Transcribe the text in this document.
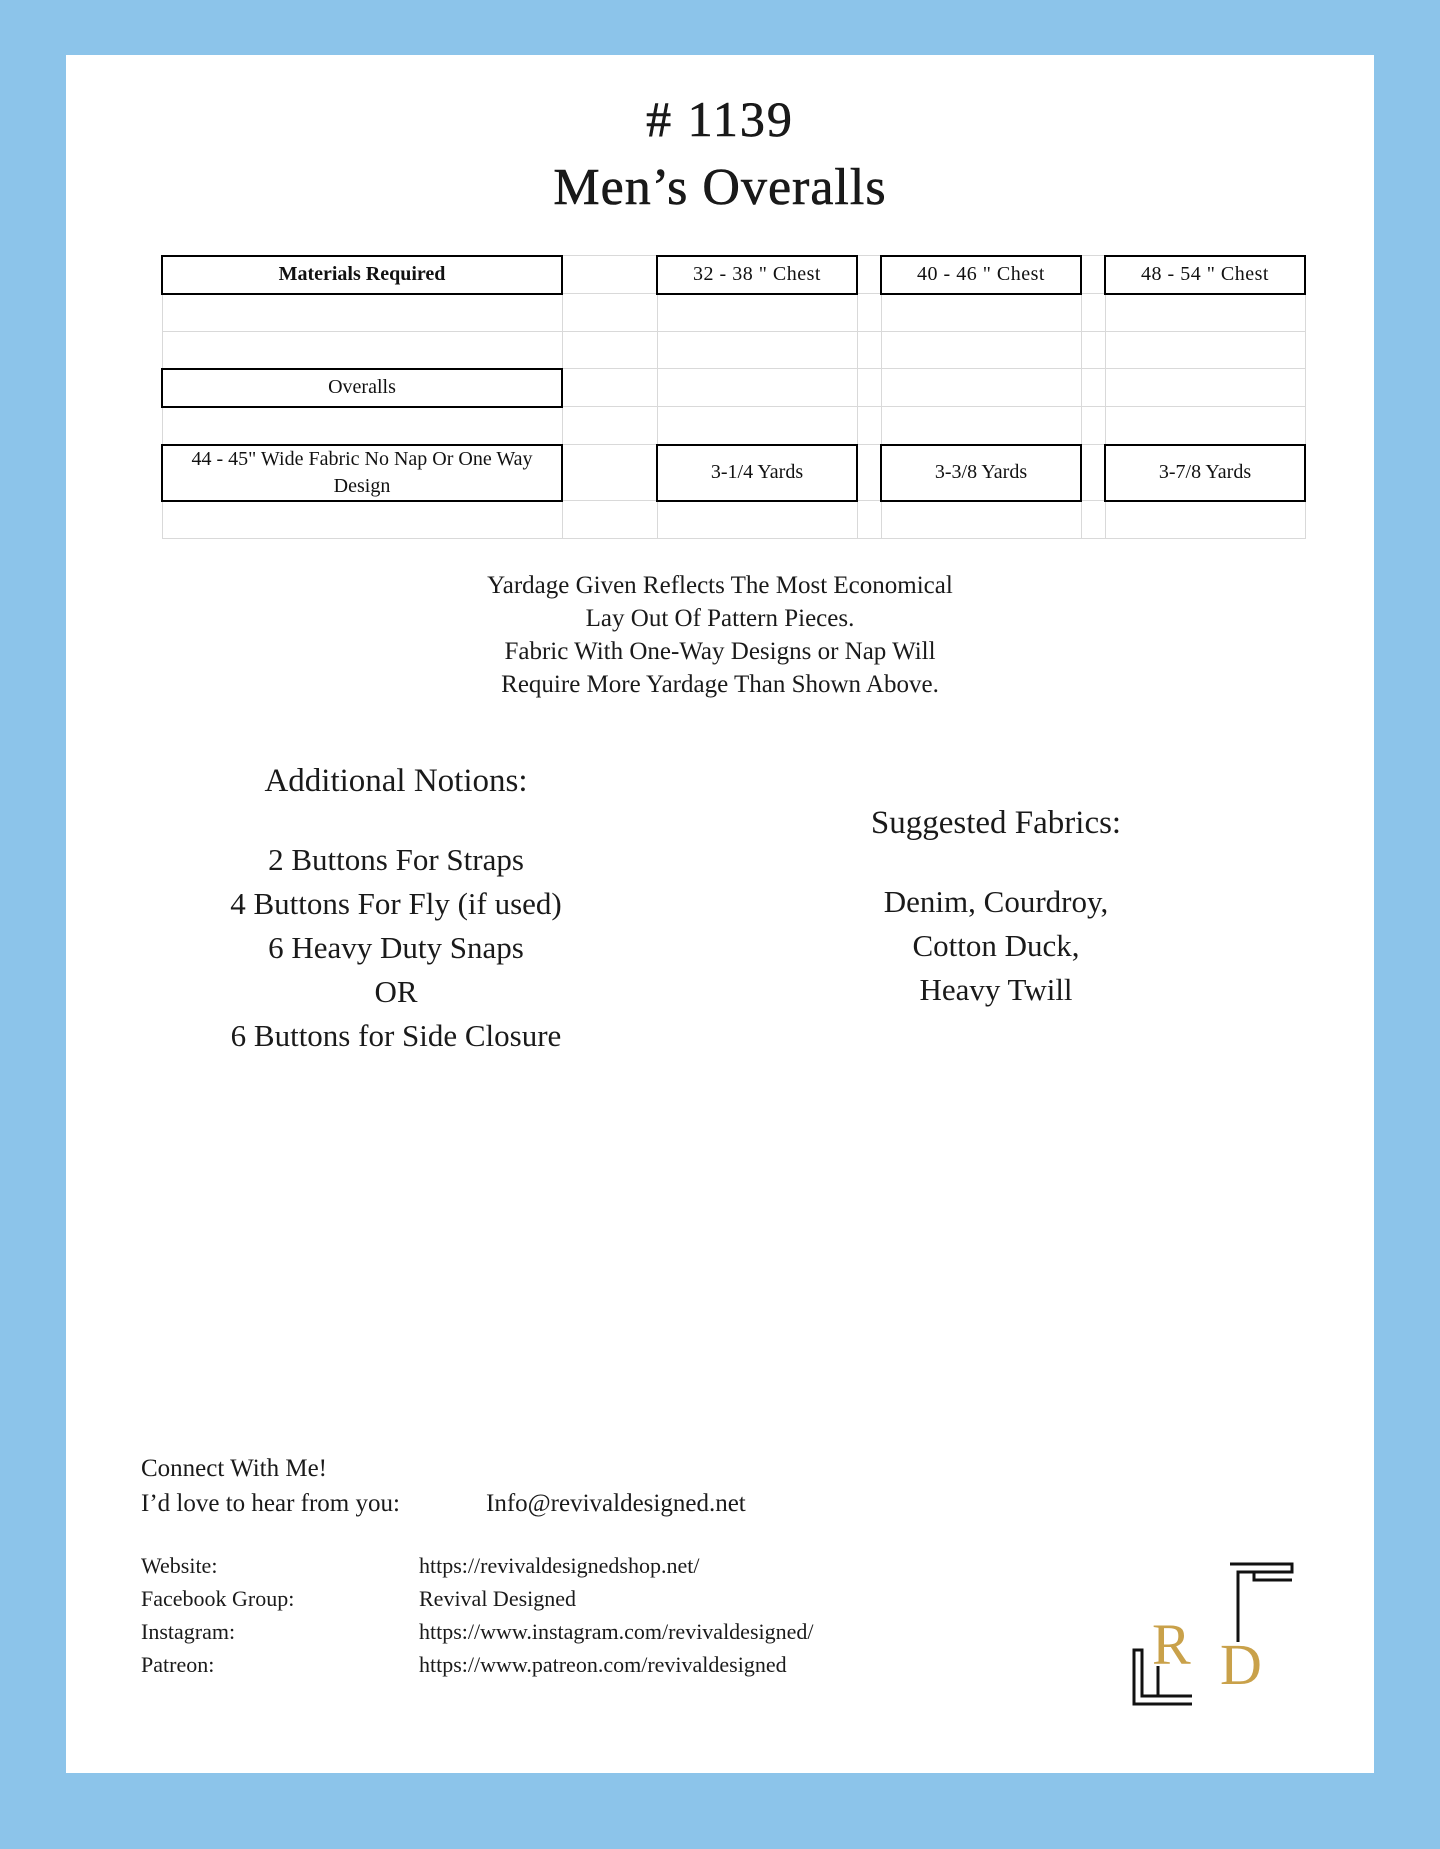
# 1139
Men’s Overalls
Materials Required		32 - 38 " Chest		40 - 46 " Chest		48 - 54 " Chest

Overalls						

44 - 45" Wide Fabric No Nap Or One Way Design		3-1/4 Yards		3-3/8 Yards		3-7/8 Yards

Yardage Given Reflects The Most Economical
Lay Out Of Pattern Pieces.
Fabric With One-Way Designs or Nap Will
Require More Yardage Than Shown Above.
Additional Notions:
2 Buttons For Straps
4 Buttons For Fly (if used)
6 Heavy Duty Snaps
OR
6 Buttons for Side Closure
Suggested Fabrics:
Denim, Courdroy,
Cotton Duck,
Heavy Twill
Connect With Me!
I’d love to hear from you:	Info@revivaldesigned.net
Website:	https://revivaldesignedshop.net/
Facebook Group:	Revival Designed
Instagram:	https://www.instagram.com/revivaldesigned/
Patreon:	https://www.patreon.com/revivaldesigned	R D
